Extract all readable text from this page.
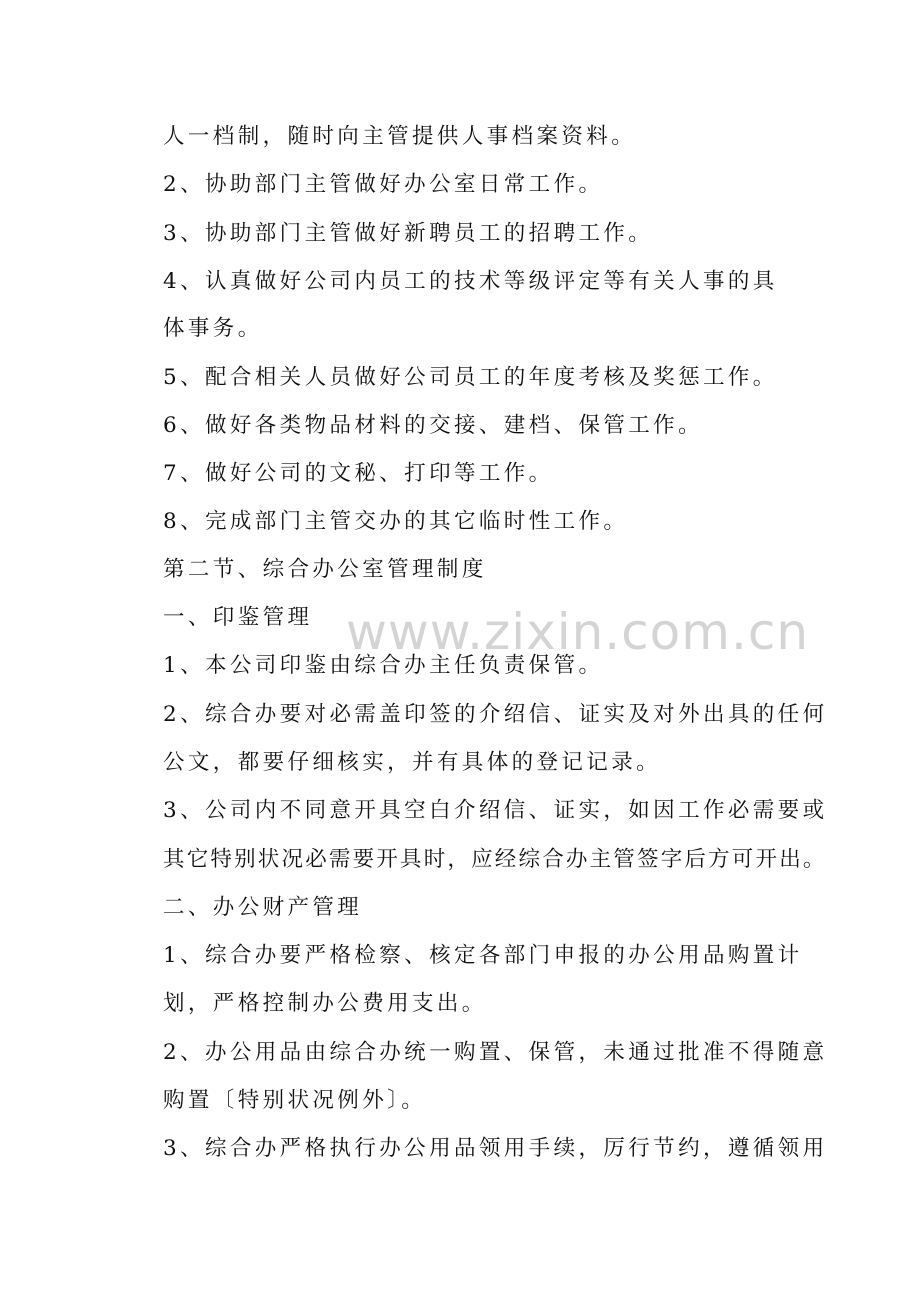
www.zixin.com.cn
人一档制，随时向主管提供人事档案资料。
2、协助部门主管做好办公室日常工作。
3、协助部门主管做好新聘员工的招聘工作。
4、认真做好公司内员工的技术等级评定等有关人事的具
体事务。
5、配合相关人员做好公司员工的年度考核及奖惩工作。
6、做好各类物品材料的交接、建档、保管工作。
7、做好公司的文秘、打印等工作。
8、完成部门主管交办的其它临时性工作。
第二节、综合办公室管理制度
一、印鉴管理
1、本公司印鉴由综合办主任负责保管。
2、综合办要对必需盖印签的介绍信、证实及对外出具的任何
公文，都要仔细核实，并有具体的登记记录。
3、公司内不同意开具空白介绍信、证实，如因工作必需要或
其它特别状况必需要开具时，应经综合办主管签字后方可开出。
二、办公财产管理
1、综合办要严格检察、核定各部门申报的办公用品购置计
划，严格控制办公费用支出。
2、办公用品由综合办统一购置、保管，未通过批准不得随意
购置〔特别状况例外〕。
3、综合办严格执行办公用品领用手续，厉行节约，遵循领用
